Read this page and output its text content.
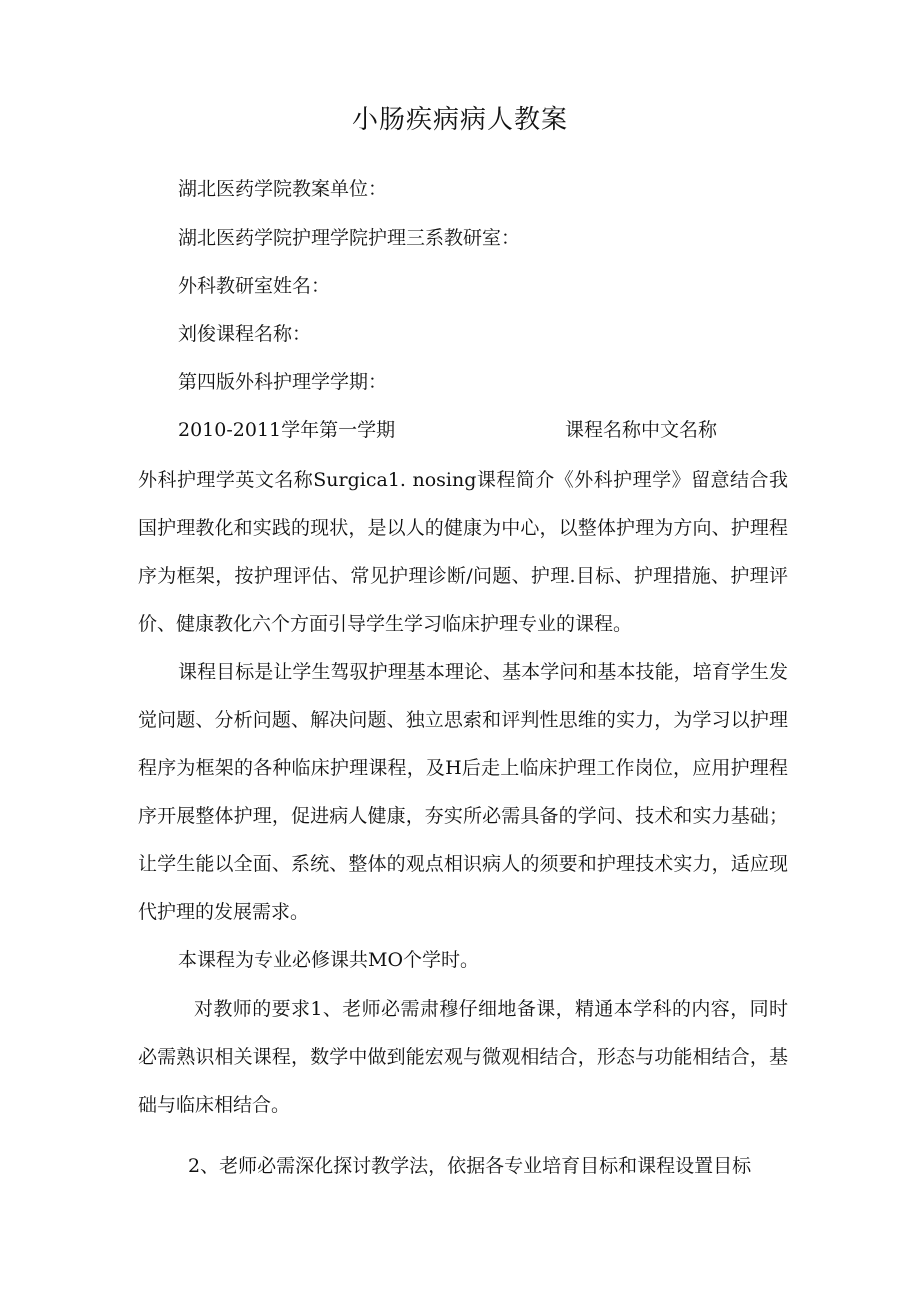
小肠疾病病人教案
湖北医药学院教案单位：
湖北医药学院护理学院护理三系教研室：
外科教研室姓名：
刘俊课程名称：
第四版外科护理学学期：
2010-2011学年第一学期	课程名称中文名称

外科护理学英文名称Surgica1. nosing课程简介《外科护理学》留意结合我国护理教化和实践的现状，是以人的健康为中心，以整体护理为方向、护理程序为框架，按护理评估、常见护理诊断/问题、护理.目标、护理措施、护理评价、健康教化六个方面引导学生学习临床护理专业的课程。

课程目标是让学生驾驭护理基本理论、基本学问和基本技能，培育学生发觉问题、分析问题、解决问题、独立思索和评判性思维的实力，为学习以护理程序为框架的各种临床护理课程，及H后走上临床护理工作岗位，应用护理程序开展整体护理，促进病人健康，夯实所必需具备的学问、技术和实力基础；让学生能以全面、系统、整体的观点相识病人的须要和护理技术实力，适应现代护理的发展需求。

本课程为专业必修课共MO个学时。

对教师的要求1、老师必需肃穆仔细地备课，精通本学科的内容，同时必需熟识相关课程，数学中做到能宏观与微观相结合，形态与功能相结合，基础与临床相结合。

2、老师必需深化探讨教学法，依据各专业培育目标和课程设置目标
